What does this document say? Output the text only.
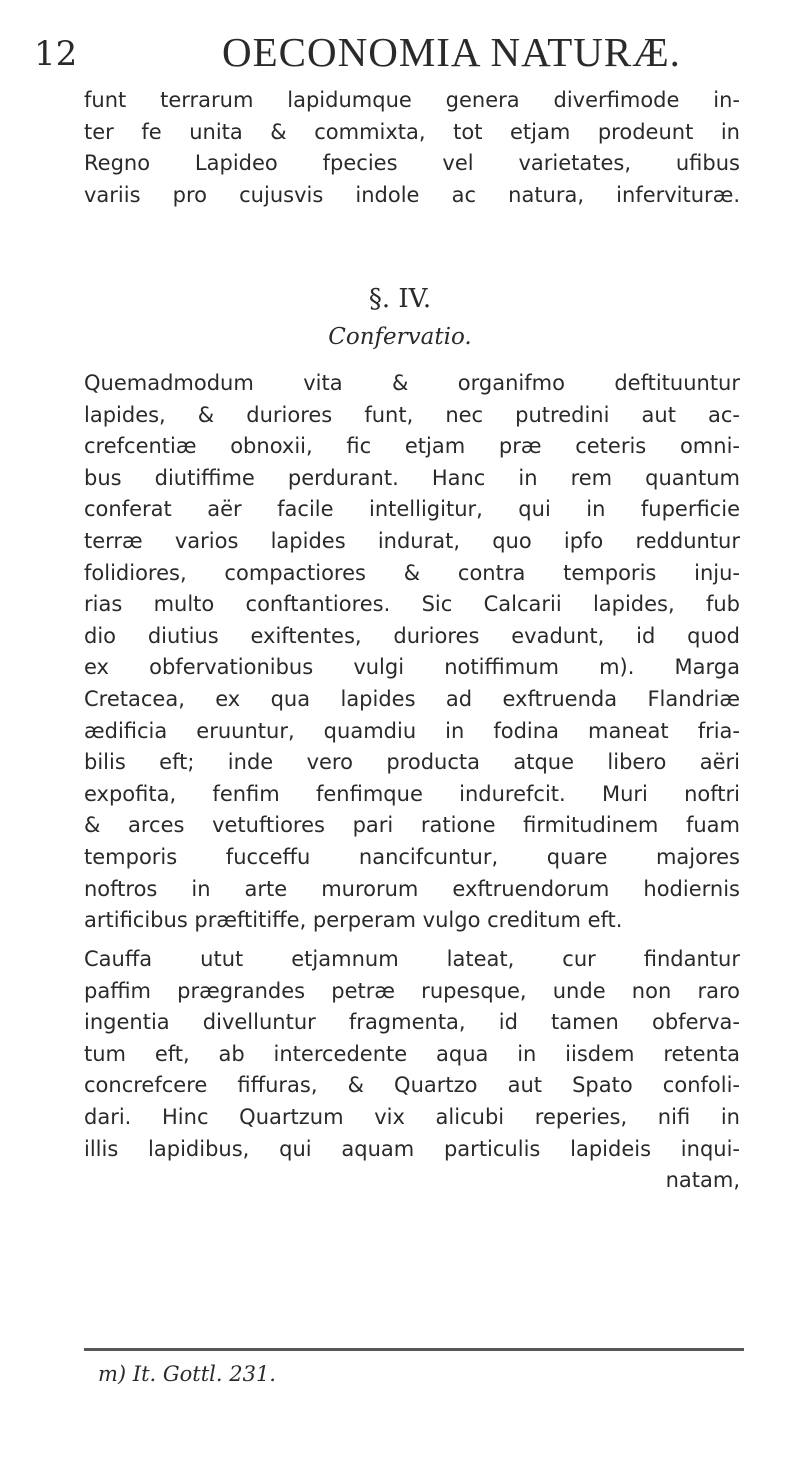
12	OECONOMIA NATURÆ.
funt terrarum lapidumque genera diverfimode in-
ter fe unita & commixta, tot etjam prodeunt in
Regno Lapideo fpecies vel varietates, ufibus
variis pro cujusvis indole ac natura, infervituræ.
§. IV.
Confervatio.
Quemadmodum vita & organifmo deftituuntur
lapides, & duriores funt, nec putredini aut ac-
crefcentiæ obnoxii, fic etjam præ ceteris omni-
bus diutiffime perdurant. Hanc in rem quantum
conferat aër facile intelligitur, qui in fuperficie
terræ varios lapides indurat, quo ipfo redduntur
folidiores, compactiores & contra temporis inju-
rias multo conftantiores. Sic Calcarii lapides, fub
dio diutius exiftentes, duriores evadunt, id quod
ex obfervationibus vulgi notiffimum m). Marga
Cretacea, ex qua lapides ad exftruenda Flandriæ
ædificia eruuntur, quamdiu in fodina maneat fria-
bilis eft; inde vero producta atque libero aëri
expofita, fenfim fenfimque indurefcit. Muri noftri
& arces vetuftiores pari ratione firmitudinem fuam
temporis fucceffu nancifcuntur, quare majores
noftros in arte murorum exftruendorum hodiernis
artificibus præftitiffe, perperam vulgo creditum eft.
Cauffa utut etjamnum lateat, cur findantur
paffim prægrandes petræ rupesque, unde non raro
ingentia divelluntur fragmenta, id tamen obferva-
tum eft, ab intercedente aqua in iisdem retenta
concrefcere fiffuras, & Quartzo aut Spato confoli-
dari. Hinc Quartzum vix alicubi reperies, nifi in
illis lapidibus, qui aquam particulis lapideis inqui-
natam,
m) It. Gottl. 231.
